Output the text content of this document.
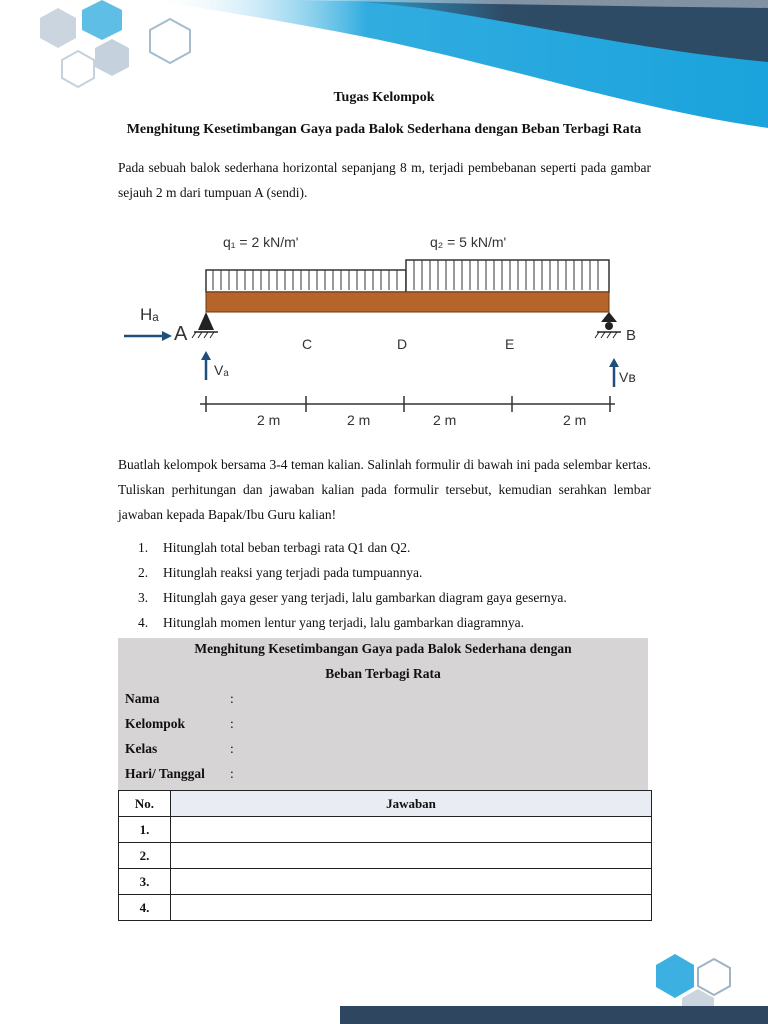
Tugas Kelompok
Menghitung Kesetimbangan Gaya pada Balok Sederhana dengan Beban Terbagi Rata
Pada sebuah balok sederhana horizontal sepanjang 8 m, terjadi pembebanan seperti pada gambar sejauh 2 m dari tumpuan A (sendi).
q₁ = 2 kN/m'	q₂ = 5 kN/m'
Hₐ
A	B
C	D	E
Vₐ	Vʙ
2 m	2 m	2 m	2 m
Buatlah kelompok bersama 3-4 teman kalian. Salinlah formulir di bawah ini pada selembar kertas. Tuliskan perhitungan dan jawaban kalian pada formulir tersebut, kemudian serahkan lembar jawaban kepada Bapak/Ibu Guru kalian!
1. Hitunglah total beban terbagi rata Q1 dan Q2.
2. Hitunglah reaksi yang terjadi pada tumpuannya.
3. Hitunglah gaya geser yang terjadi, lalu gambarkan diagram gaya gesernya.
4. Hitunglah momen lentur yang terjadi, lalu gambarkan diagramnya.
Menghitung Kesetimbangan Gaya pada Balok Sederhana dengan
Beban Terbagi Rata
Nama	:
Kelompok	:
Kelas	:
Hari/ Tanggal :
No.	Jawaban
1.	
2.	
3.	
4.	
